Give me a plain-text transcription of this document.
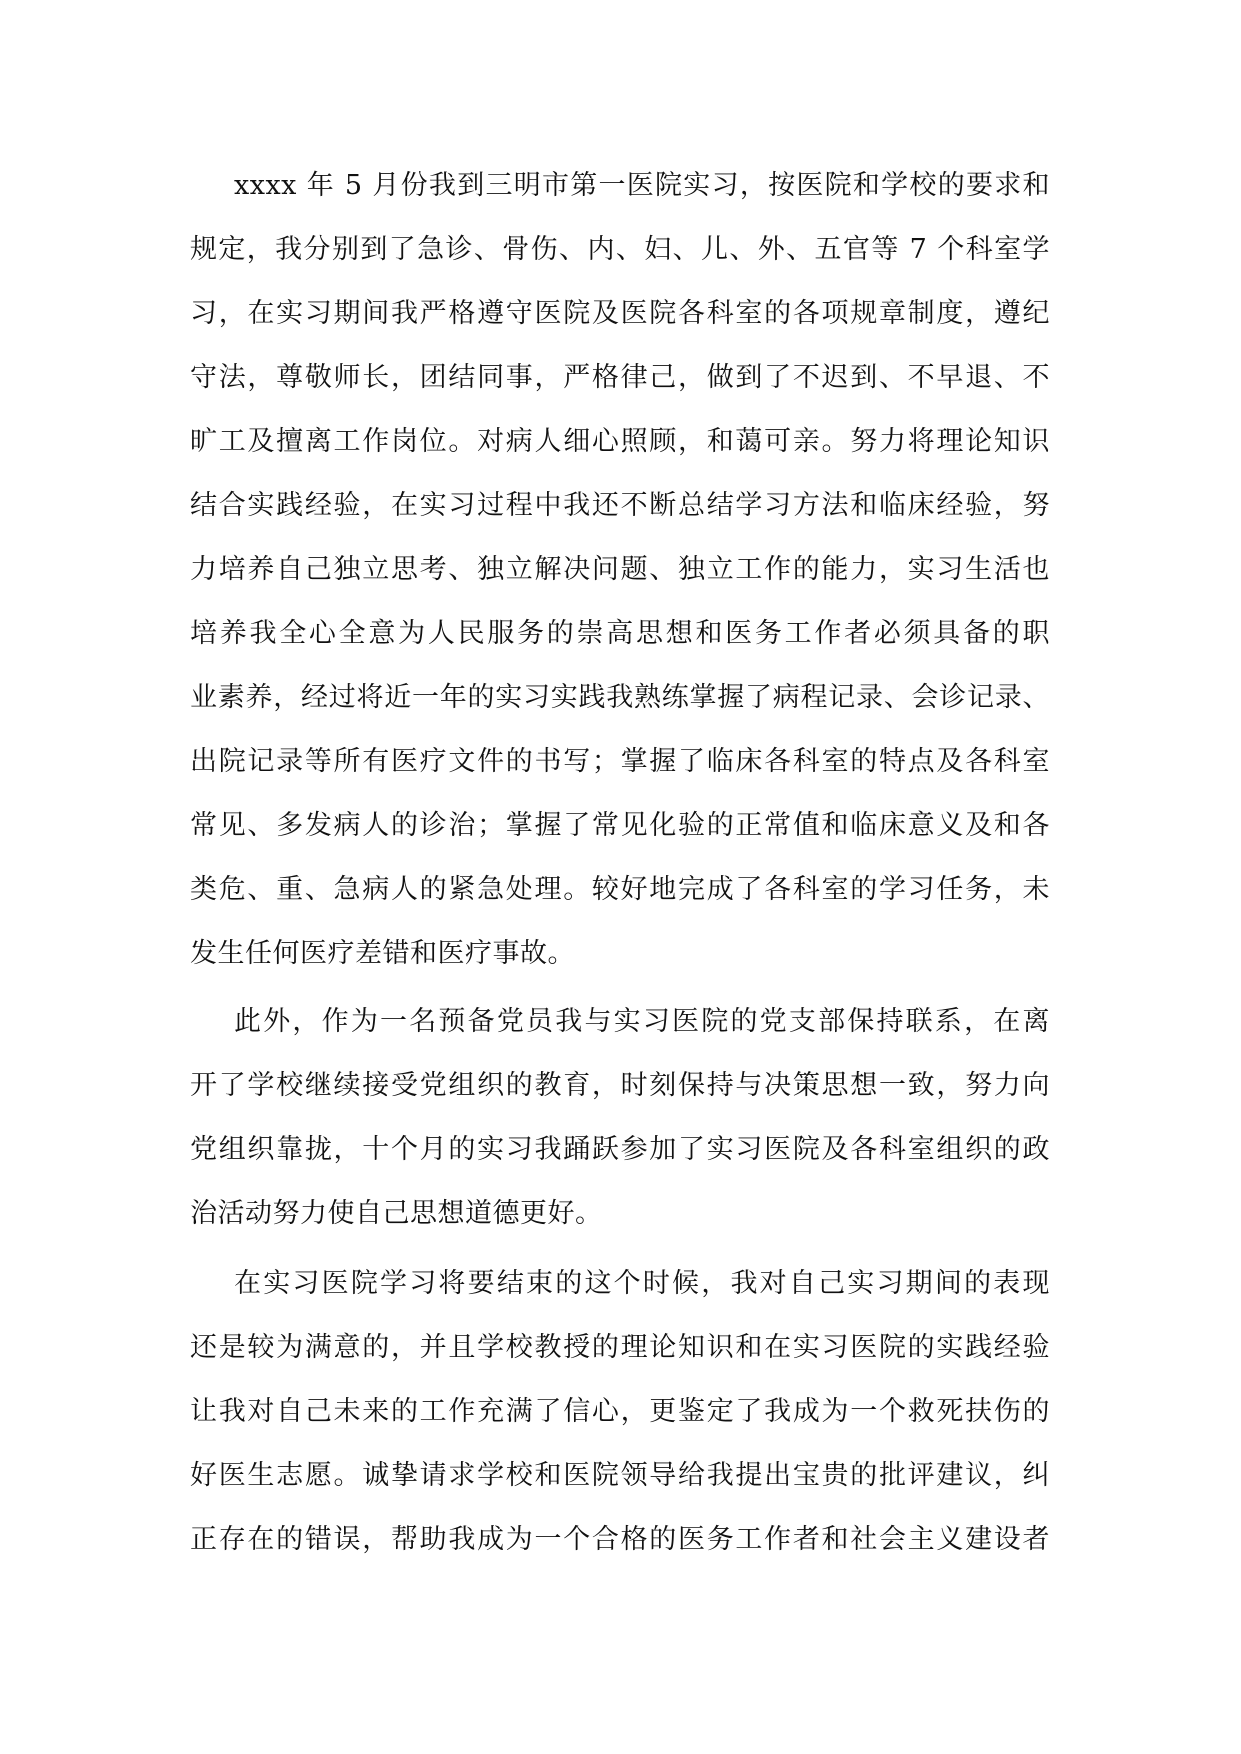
xxxx 年 5 月份我到三明市第一医院实习，按医院和学校的要求和
规定，我分别到了急诊、骨伤、内、妇、儿、外、五官等 7 个科室学
习，在实习期间我严格遵守医院及医院各科室的各项规章制度，遵纪
守法，尊敬师长，团结同事，严格律己，做到了不迟到、不早退、不
旷工及擅离工作岗位。对病人细心照顾，和蔼可亲。努力将理论知识
结合实践经验，在实习过程中我还不断总结学习方法和临床经验，努
力培养自己独立思考、独立解决问题、独立工作的能力，实习生活也
培养我全心全意为人民服务的崇高思想和医务工作者必须具备的职
业素养，经过将近一年的实习实践我熟练掌握了病程记录、会诊记录、
出院记录等所有医疗文件的书写；掌握了临床各科室的特点及各科室
常见、多发病人的诊治；掌握了常见化验的正常值和临床意义及和各
类危、重、急病人的紧急处理。较好地完成了各科室的学习任务，未
发生任何医疗差错和医疗事故。
此外，作为一名预备党员我与实习医院的党支部保持联系，在离
开了学校继续接受党组织的教育，时刻保持与决策思想一致，努力向
党组织靠拢，十个月的实习我踊跃参加了实习医院及各科室组织的政
治活动努力使自己思想道德更好。
在实习医院学习将要结束的这个时候，我对自己实习期间的表现
还是较为满意的，并且学校教授的理论知识和在实习医院的实践经验
让我对自己未来的工作充满了信心，更鉴定了我成为一个救死扶伤的
好医生志愿。诚挚请求学校和医院领导给我提出宝贵的批评建议，纠
正存在的错误，帮助我成为一个合格的医务工作者和社会主义建设者
